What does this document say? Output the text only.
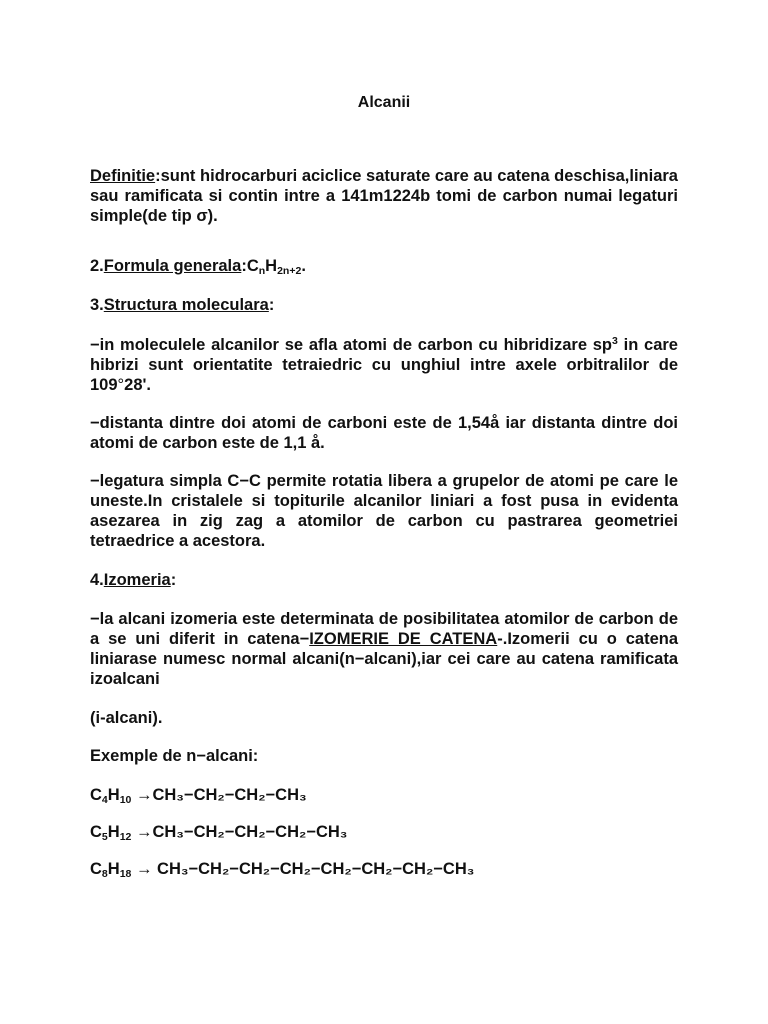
Alcanii

Definitie:sunt hidrocarburi aciclice saturate care au catena deschisa,liniara sau ramificata si contin intre a 141m1224b tomi de carbon numai legaturi simple(de tip σ).

2.Formula $generala:C_nH_{2n+2}$.

3.Structura moleculara:

−in moleculele alcanilor se afla atomi de carbon cu hibridizare $sp^3$ in care hibrizi sunt orientatite tetraiedric cu unghiul intre axele orbitralilor de 109°28'.

−distanta dintre doi atomi de carboni este de 1,54å iar distanta dintre doi atomi de carbon este de 1,1 å.

−legatura simpla C−C permite rotatia libera a grupelor de atomi pe care le uneste.In cristalele si topiturile alcanilor liniari a fost pusa in evidenta asezarea in zig zag a atomilor de carbon cu pastrarea geometriei tetraedrice a acestora.

4.Izomeria:

−la alcani izomeria este determinata de posibilitatea atomilor de carbon de a se uni diferit in catena−IZOMERIE DE CATENA-.Izomerii cu o catena liniarase numesc normal alcani(n−alcani),iar cei care au catena ramificata izoalcani

(i-alcani).

Exemple de n−alcani:

$C_4H_{10} \to CH_3-CH_2-CH_2-CH_3$

$C_5H_{12} \to CH_3-CH_2-CH_2-CH_2-CH_3$

$C_8H_{18} \to CH_3-CH_2-CH_2-CH_2-CH_2-CH_2-CH_2-CH_3$
